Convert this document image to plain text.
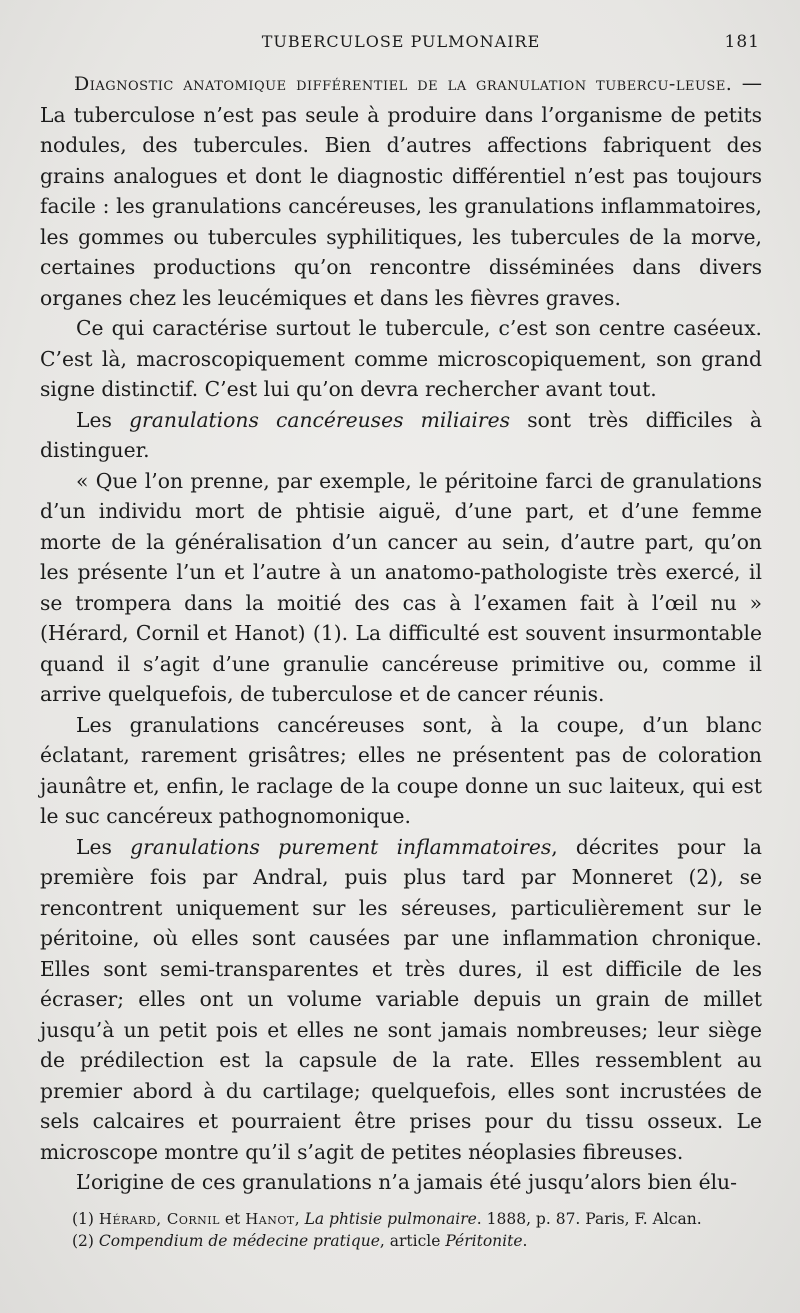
TUBERCULOSE PULMONAIRE	181

Diagnostic anatomique différentiel de la granulation tubercu-leuse. — La tuberculose n’est pas seule à produire dans l’organisme de petits nodules, des tubercules. Bien d’autres affections fabriquent des grains analogues et dont le diagnostic différentiel n’est pas toujours facile : les granulations cancéreuses, les granulations inflammatoires, les gommes ou tubercules syphilitiques, les tubercules de la morve, certaines productions qu’on rencontre disséminées dans divers organes chez les leucémiques et dans les fièvres graves.

Ce qui caractérise surtout le tubercule, c’est son centre caséeux. C’est là, macroscopiquement comme microscopiquement, son grand signe distinctif. C’est lui qu’on devra rechercher avant tout.

Les granulations cancéreuses miliaires sont très difficiles à distinguer.

« Que l’on prenne, par exemple, le péritoine farci de granulations d’un individu mort de phtisie aiguë, d’une part, et d’une femme morte de la généralisation d’un cancer au sein, d’autre part, qu’on les présente l’un et l’autre à un anatomo-pathologiste très exercé, il se trompera dans la moitié des cas à l’examen fait à l’œil nu » (Hérard, Cornil et Hanot) (1). La difficulté est souvent insurmontable quand il s’agit d’une granulie cancéreuse primitive ou, comme il arrive quelquefois, de tuberculose et de cancer réunis.

Les granulations cancéreuses sont, à la coupe, d’un blanc éclatant, rarement grisâtres; elles ne présentent pas de coloration jaunâtre et, enfin, le raclage de la coupe donne un suc laiteux, qui est le suc cancéreux pathognomonique.

Les granulations purement inflammatoires, décrites pour la première fois par Andral, puis plus tard par Monneret (2), se rencontrent uniquement sur les séreuses, particulièrement sur le péritoine, où elles sont causées par une inflammation chronique. Elles sont semi-transparentes et très dures, il est difficile de les écraser; elles ont un volume variable depuis un grain de millet jusqu’à un petit pois et elles ne sont jamais nombreuses; leur siège de prédilection est la capsule de la rate. Elles ressemblent au premier abord à du cartilage; quelquefois, elles sont incrustées de sels calcaires et pourraient être prises pour du tissu osseux. Le microscope montre qu’il s’agit de petites néoplasies fibreuses.

L’origine de ces granulations n’a jamais été jusqu’alors bien élu-

(1) Hérard, Cornil et Hanot, La phtisie pulmonaire. 1888, p. 87. Paris, F. Alcan.

(2) Compendium de médecine pratique, article Péritonite.
